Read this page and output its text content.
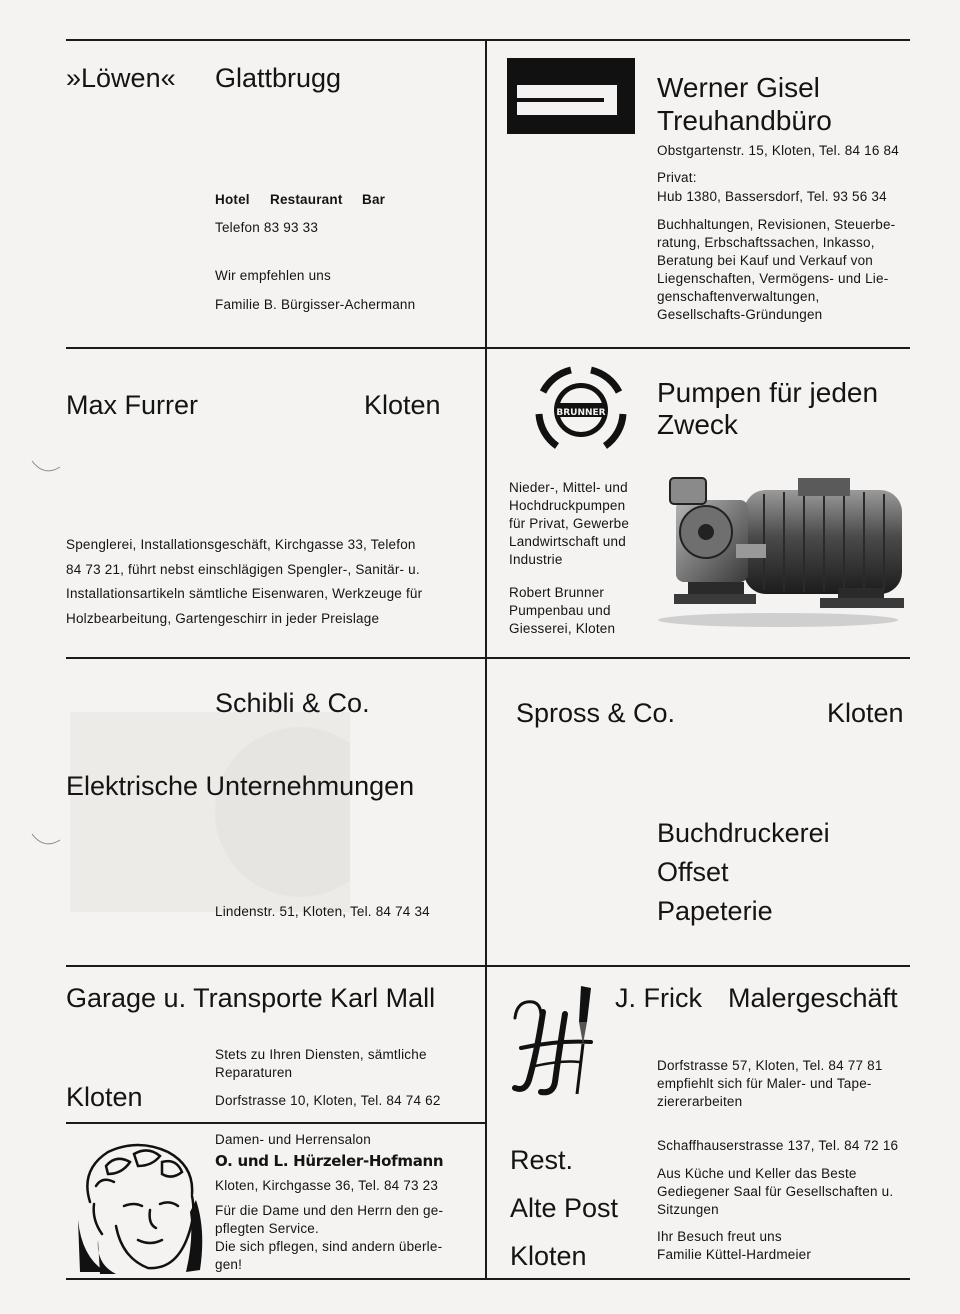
»Löwen« Glattbrugg
Hotel Restaurant Bar
Telefon 83 93 33
Wir empfehlen uns
Familie B. Bürgisser-Achermann
Werner Gisel
Treuhandbüro
Obstgartenstr. 15, Kloten, Tel. 84 16 84
Privat:
Hub 1380, Bassersdorf, Tel. 93 56 34
Buchhaltungen, Revisionen, Steuerbe-
ratung, Erbschaftssachen, Inkasso,
Beratung bei Kauf und Verkauf von
Liegenschaften, Vermögens- und Lie-
genschaftenverwaltungen,
Gesellschafts-Gründungen
Max Furrer	Kloten
Spenglerei, Installationsgeschäft, Kirchgasse 33, Telefon
84 73 21, führt nebst einschlägigen Spengler-, Sanitär- u.
Installationsartikeln sämtliche Eisenwaren, Werkzeuge für
Holzbearbeitung, Gartengeschirr in jeder Preislage
BRUNNER
Pumpen für jeden
Zweck
Nieder-, Mittel- und
Hochdruckpumpen
für Privat, Gewerbe
Landwirtschaft und
Industrie
Robert Brunner
Pumpenbau und
Giesserei, Kloten
Schibli & Co.
Elektrische Unternehmungen
Lindenstr. 51, Kloten, Tel. 84 74 34
Spross & Co.	Kloten
Buchdruckerei
Offset
Papeterie
Garage u. Transporte Karl Mall
Kloten
Stets zu Ihren Diensten, sämtliche
Reparaturen
Dorfstrasse 10, Kloten, Tel. 84 74 62
J. Frick Malergeschäft
Dorfstrasse 57, Kloten, Tel. 84 77 81
empfiehlt sich für Maler- und Tape-
ziererarbeiten
Damen- und Herrensalon
O. und L. Hürzeler-Hofmann
Kloten, Kirchgasse 36, Tel. 84 73 23
Für die Dame und den Herrn den ge-
pflegten Service.
Die sich pflegen, sind andern überle-
gen!
Rest.
Alte Post
Kloten
Schaffhauserstrasse 137, Tel. 84 72 16
Aus Küche und Keller das Beste
Gediegener Saal für Gesellschaften u.
Sitzungen
Ihr Besuch freut uns
Familie Küttel-Hardmeier
